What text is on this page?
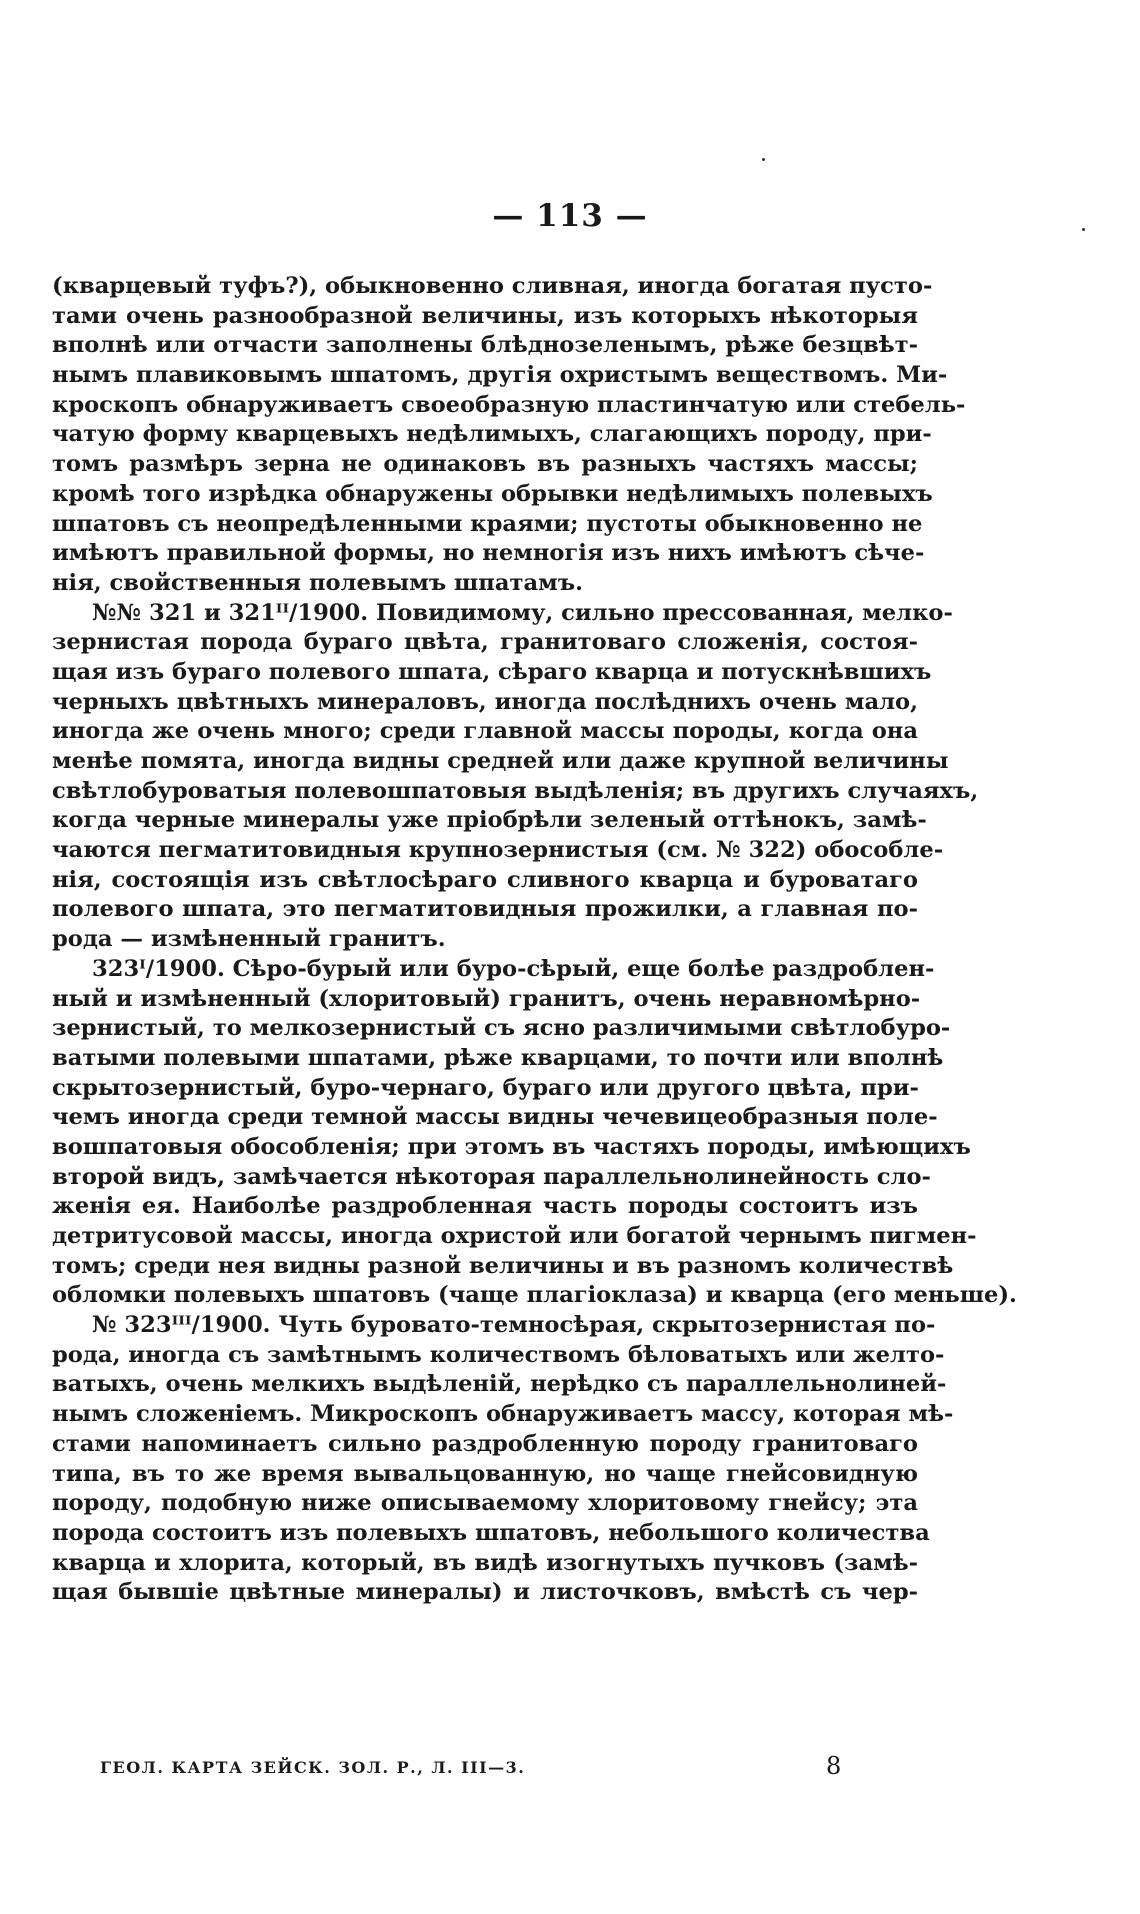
— 113 —
(кварцевый туфъ?), обыкновенно сливная, иногда богатая пусто-
тами очень разнообразной величины, изъ которыхъ нѣкоторыя
вполнѣ или отчасти заполнены блѣднозеленымъ, рѣже безцвѣт-
нымъ плавиковымъ шпатомъ, другія охристымъ веществомъ. Ми-
кроскопъ обнаруживаетъ своеобразную пластинчатую или стебель-
чатую форму кварцевыхъ недѣлимыхъ, слагающихъ породу, при-
томъ размѣръ зерна не одинаковъ въ разныхъ частяхъ массы;
кромѣ того изрѣдка обнаружены обрывки недѣлимыхъ полевыхъ
шпатовъ съ неопредѣленными краями; пустоты обыкновенно не
имѣютъ правильной формы, но немногія изъ нихъ имѣютъ сѣче-
нія, свойственныя полевымъ шпатамъ.
№№ 321 и 321ᴵᴵ/1900. Повидимому, сильно прессованная, мелко-
зернистая порода бураго цвѣта, гранитоваго сложенія, состоя-
щая изъ бураго полевого шпата, сѣраго кварца и потускнѣвшихъ
черныхъ цвѣтныхъ минераловъ, иногда послѣднихъ очень мало,
иногда же очень много; среди главной массы породы, когда она
менѣе помята, иногда видны средней или даже крупной величины
свѣтлобуроватыя полевошпатовыя выдѣленія; въ другихъ случаяхъ,
когда черные минералы уже пріобрѣли зеленый оттѣнокъ, замѣ-
чаются пегматитовидныя крупнозернистыя (см. № 322) обособле-
нія, состоящія изъ свѣтлосѣраго сливного кварца и буроватаго
полевого шпата, это пегматитовидныя прожилки, а главная по-
рода — измѣненный гранитъ.
323ᴵ/1900. Сѣро-бурый или буро-сѣрый, еще болѣе раздроблен-
ный и измѣненный (хлоритовый) гранитъ, очень неравномѣрно-
зернистый, то мелкозернистый съ ясно различимыми свѣтлобуро-
ватыми полевыми шпатами, рѣже кварцами, то почти или вполнѣ
скрытозернистый, буро-чернаго, бураго или другого цвѣта, при-
чемъ иногда среди темной массы видны чечевицеобразныя поле-
вошпатовыя обособленія; при этомъ въ частяхъ породы, имѣющихъ
второй видъ, замѣчается нѣкоторая параллельнолинейность сло-
женія ея. Наиболѣе раздробленная часть породы состоитъ изъ
детритусовой массы, иногда охристой или богатой чернымъ пигмен-
томъ; среди нея видны разной величины и въ разномъ количествѣ
обломки полевыхъ шпатовъ (чаще плагіоклаза) и кварца (его меньше).
№ 323ᴵᴵᴵ/1900. Чуть буровато-темносѣрая, скрытозернистая по-
рода, иногда съ замѣтнымъ количествомъ бѣловатыхъ или желто-
ватыхъ, очень мелкихъ выдѣленій, нерѣдко съ параллельнолиней-
нымъ сложеніемъ. Микроскопъ обнаруживаетъ массу, которая мѣ-
стами напоминаетъ сильно раздробленную породу гранитоваго
типа, въ то же время вывальцованную, но чаще гнейсовидную
породу, подобную ниже описываемому хлоритовому гнейсу; эта
порода состоитъ изъ полевыхъ шпатовъ, небольшого количества
кварца и хлорита, который, въ видѣ изогнутыхъ пучковъ (замѣ-
щая бывшіе цвѣтные минералы) и листочковъ, вмѣстѣ съ чер-
ГЕОЛ. КАРТА ЗЕЙСК. ЗОЛ. Р., Л. III—3.	8
